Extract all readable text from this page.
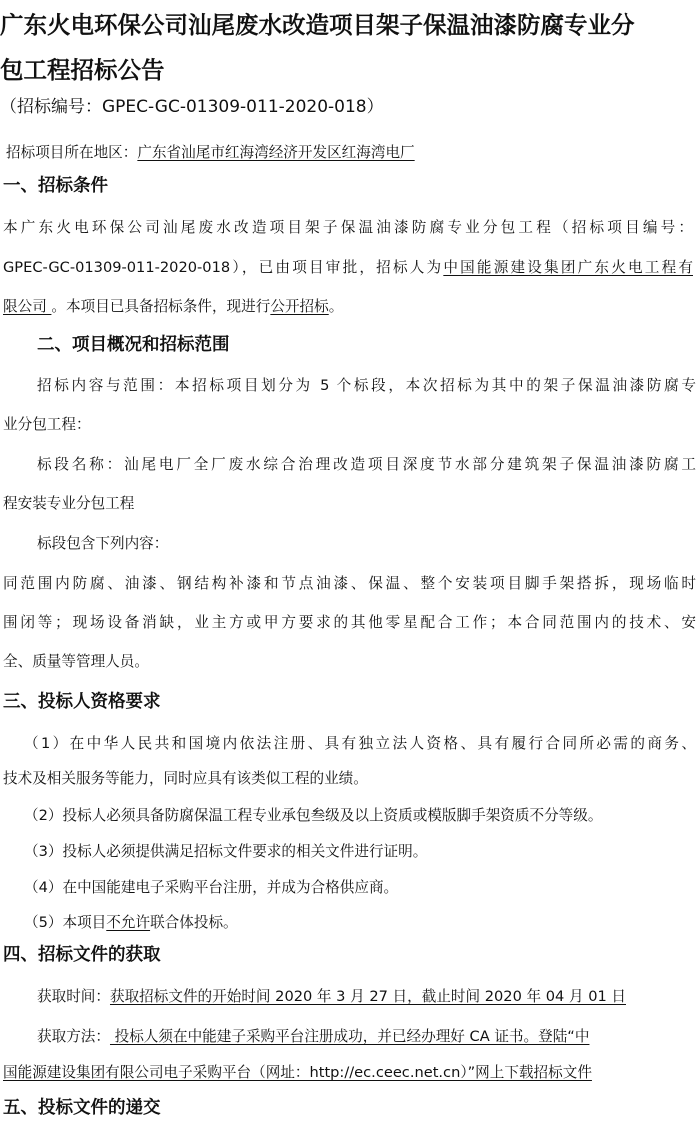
广东火电环保公司汕尾废水改造项目架子保温油漆防腐专业分
包工程招标公告
（招标编号：GPEC-GC-01309-011-2020-018）
招标项目所在地区：广东省汕尾市红海湾经济开发区红海湾电厂
一、招标条件
本广东火电环保公司汕尾废水改造项目架子保温油漆防腐专业分包工程（招标项目编号：
GPEC-GC-01309-011-2020-018），已由项目审批，招标人为中国能源建设集团广东火电工程有
限公司 。本项目已具备招标条件，现进行公开招标。
二、项目概况和招标范围
招标内容与范围：本招标项目划分为 5 个标段，本次招标为其中的架子保温油漆防腐专
业分包工程：
标段名称：汕尾电厂全厂废水综合治理改造项目深度节水部分建筑架子保温油漆防腐工
程安装专业分包工程
标段包含下列内容：
同范围内防腐、油漆、钢结构补漆和节点油漆、保温、整个安装项目脚手架搭拆，现场临时
围闭等；现场设备消缺，业主方或甲方要求的其他零星配合工作；本合同范围内的技术、安
全、质量等管理人员。
三、投标人资格要求
（1）在中华人民共和国境内依法注册、具有独立法人资格、具有履行合同所必需的商务、
技术及相关服务等能力，同时应具有该类似工程的业绩。
（2）投标人必须具备防腐保温工程专业承包叁级及以上资质或模版脚手架资质不分等级。
（3）投标人必须提供满足招标文件要求的相关文件进行证明。
（4）在中国能建电子采购平台注册，并成为合格供应商。
（5）本项目不允许联合体投标。
四、招标文件的获取
获取时间：获取招标文件的开始时间 2020 年 3 月 27 日，截止时间 2020 年 04 月 01 日
获取方法： 投标人须在中能建子采购平台注册成功，并已经办理好 CA 证书。登陆“中
国能源建设集团有限公司电子采购平台（网址：http://ec.ceec.net.cn）”网上下载招标文件
五、投标文件的递交
